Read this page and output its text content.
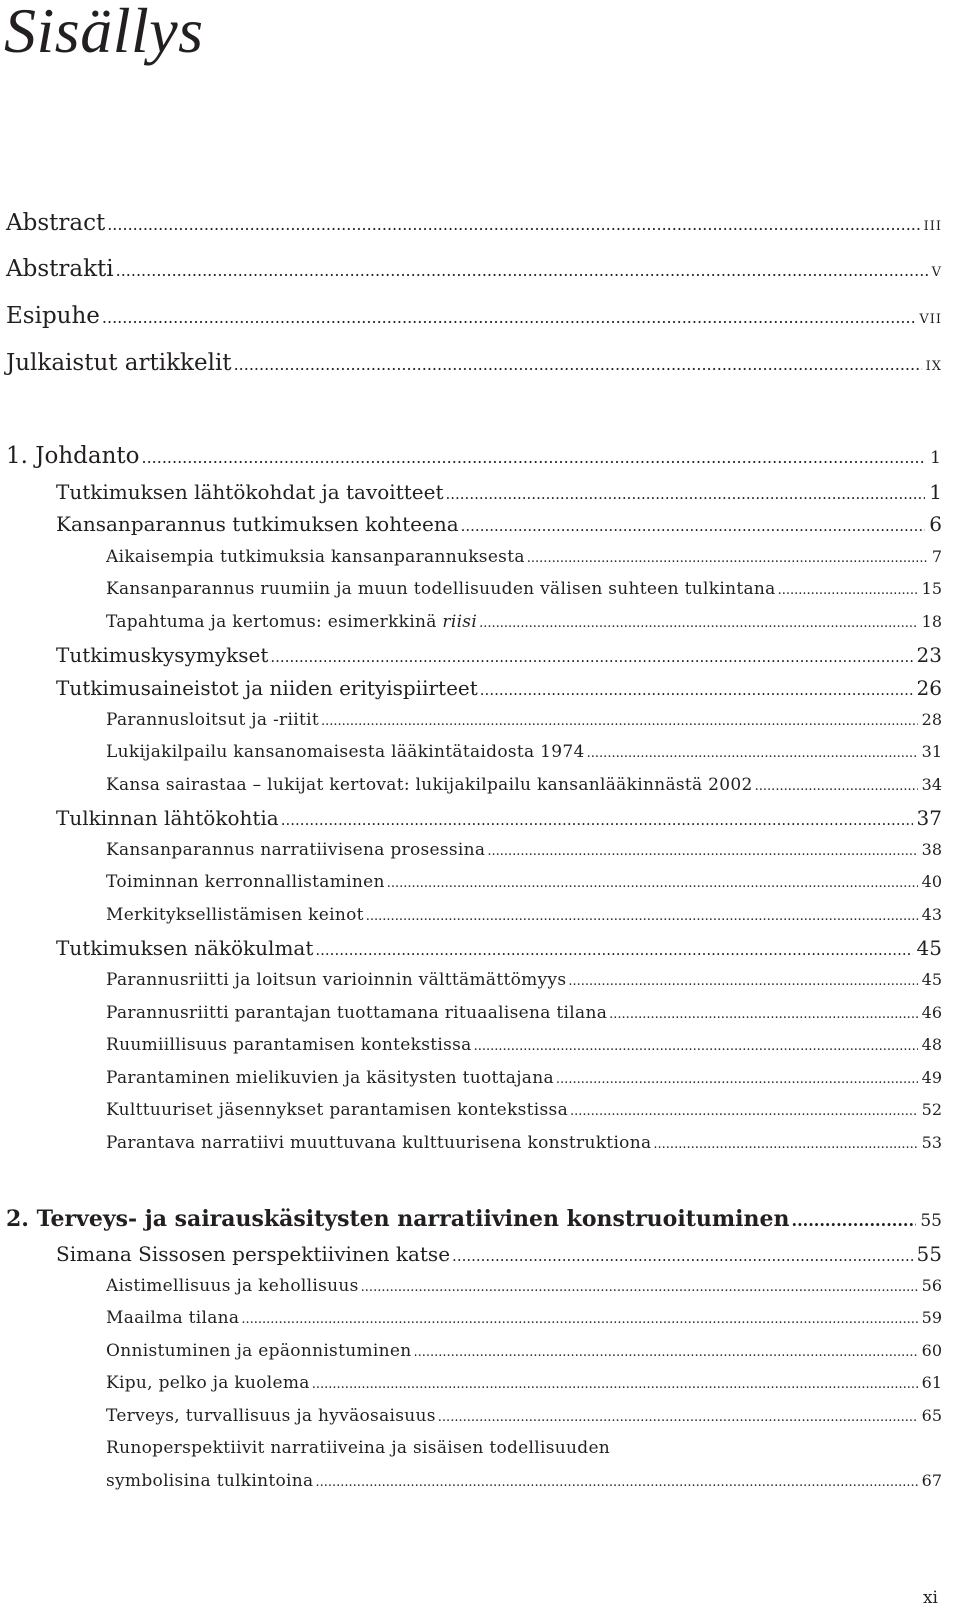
Sisällys
Abstract .....	iii
Abstrakti .....	v
Esipuhe .....	vii
Julkaistut artikkelit .....	ix
1. Johdanto .....	1
Tutkimuksen lähtökohdat ja tavoitteet .....	1
Kansanparannus tutkimuksen kohteena .....	6
Aikaisempia tutkimuksia kansanparannuksesta .....	7
Kansanparannus ruumiin ja muun todellisuuden välisen suhteen tulkintana .....	15
Tapahtuma ja kertomus: esimerkkinä riisi .....	18
Tutkimuskysymykset .....	23
Tutkimusaineistot ja niiden erityispiirteet .....	26
Parannusloitsut ja -riitit .....	28
Lukijakilpailu kansanomaisesta lääkintätaidosta 1974 .....	31
Kansa sairastaa – lukijat kertovat: lukijakilpailu kansanlääkinnästä 2002 .....	34
Tulkinnan lähtökohtia .....	37
Kansanparannus narratiivisena prosessina .....	38
Toiminnan kerronnallistaminen .....	40
Merkityksellistämisen keinot .....	43
Tutkimuksen näkökulmat .....	45
Parannusriitti ja loitsun varioinnin välttämättömyys .....	45
Parannusriitti parantajan tuottamana rituaalisena tilana .....	46
Ruumiillisuus parantamisen kontekstissa .....	48
Parantaminen mielikuvien ja käsitysten tuottajana .....	49
Kulttuuriset jäsennykset parantamisen kontekstissa .....	52
Parantava narratiivi muuttuvana kulttuurisena konstruktiona .....	53
2. Terveys- ja sairauskäsitysten narratiivinen konstruoituminen .....	55
Simana Sissosen perspektiivinen katse .....	55
Aistimellisuus ja kehollisuus .....	56
Maailma tilana .....	59
Onnistuminen ja epäonnistuminen .....	60
Kipu, pelko ja kuolema .....	61
Terveys, turvallisuus ja hyväosaisuus .....	65
Runoperspektiivit narratiiveina ja sisäisen todellisuuden
symbolisina tulkintoina .....	67
xi
